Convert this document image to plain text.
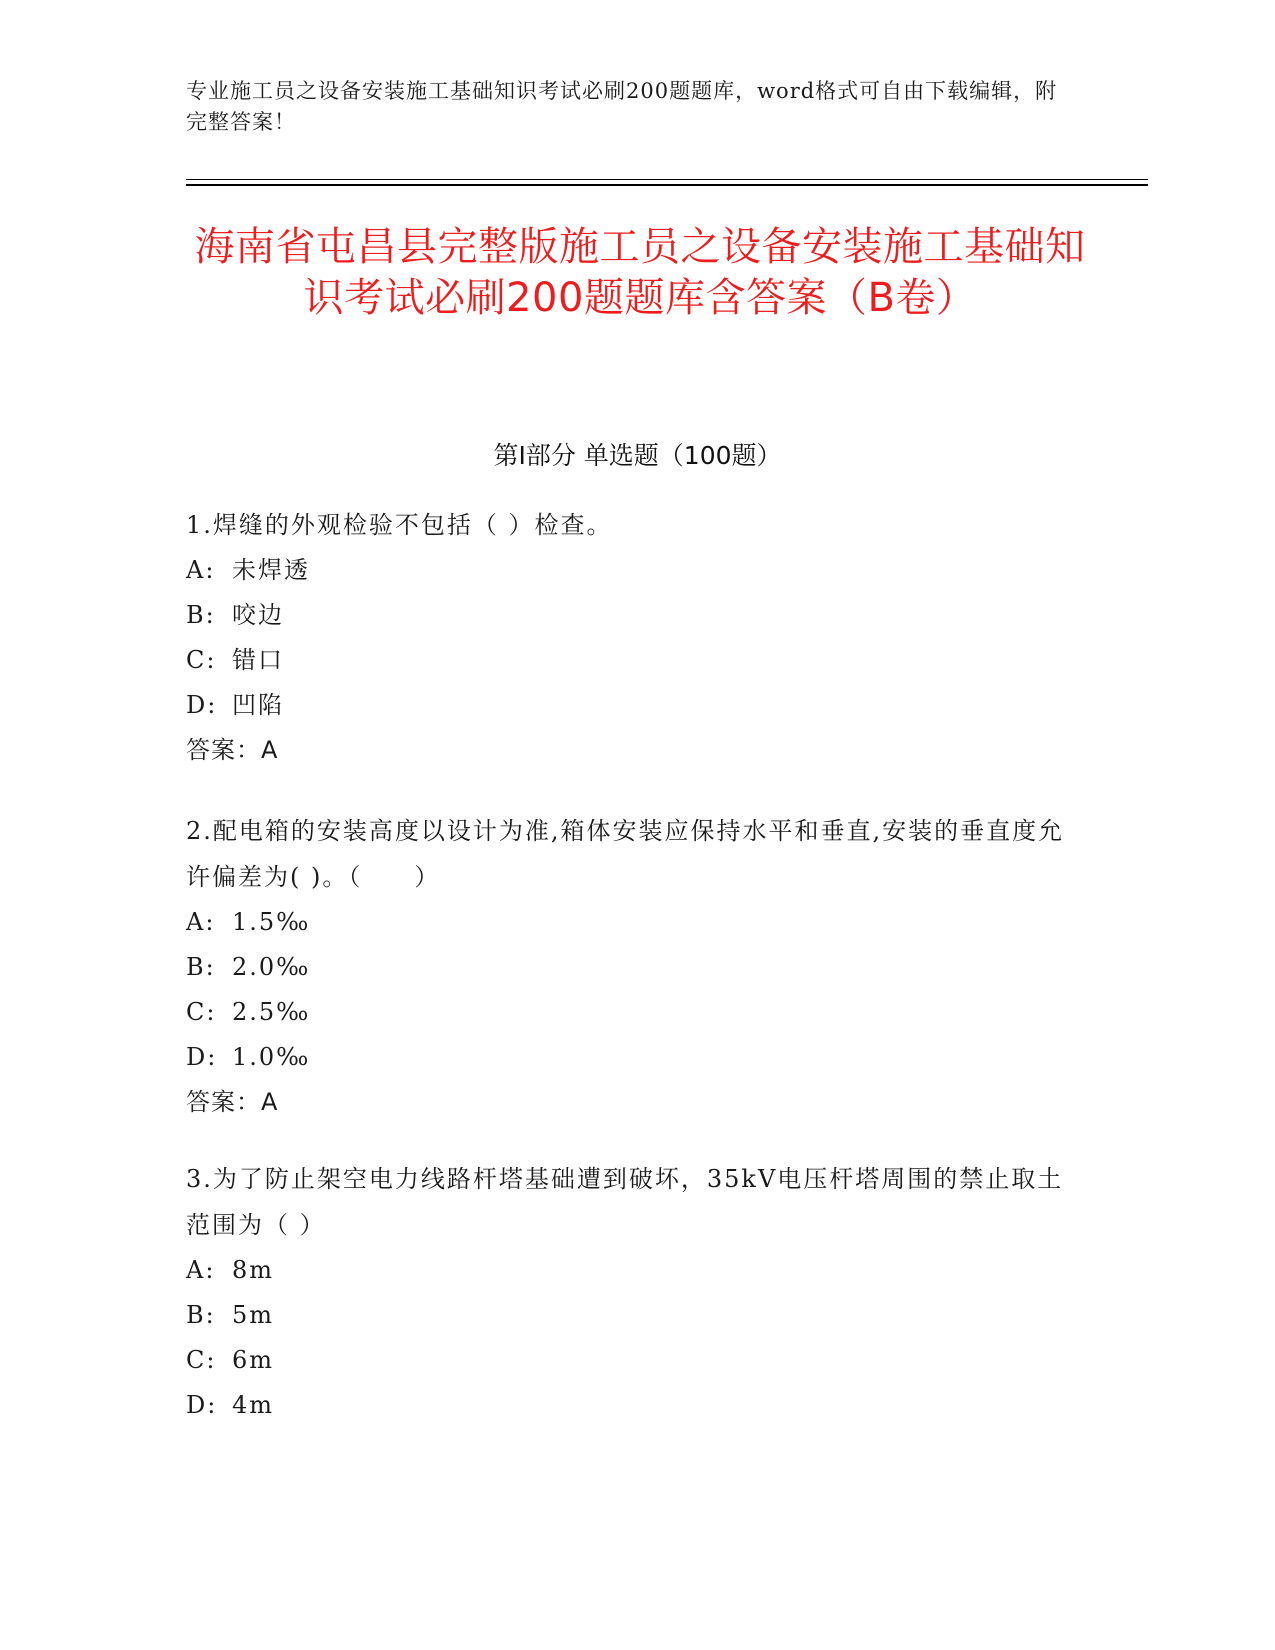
专业施工员之设备安装施工基础知识考试必刷200题题库，word格式可自由下载编辑，附完整答案！
海南省屯昌县完整版施工员之设备安装施工基础知识考试必刷200题题库含答案（B卷）
第I部分 单选题（100题）
1.焊缝的外观检验不包括（ ）检查。
A: 未焊透
B: 咬边
C: 错口
D: 凹陷
答案：A
2.配电箱的安装高度以设计为准,箱体安装应保持水平和垂直,安装的垂直度允许偏差为( )。（　　）
A: 1.5‰
B: 2.0‰
C: 2.5‰
D: 1.0‰
答案：A
3.为了防止架空电力线路杆塔基础遭到破坏，35kV电压杆塔周围的禁止取土范围为（ ）
A: 8m
B: 5m
C: 6m
D: 4m
